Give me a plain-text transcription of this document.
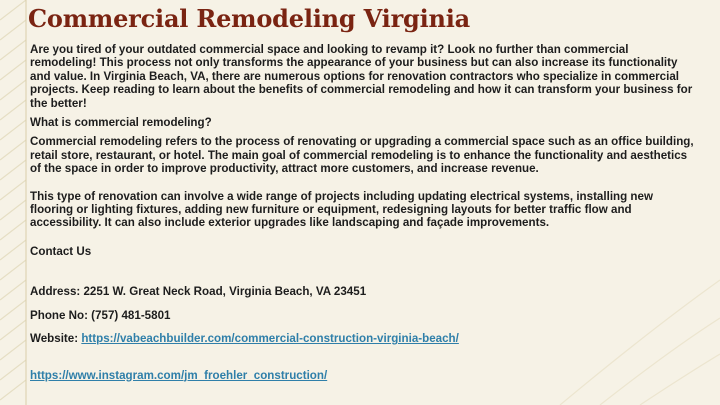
Commercial Remodeling Virginia

Are you tired of your outdated commercial space and looking to revamp it? Look no further than commercial remodeling! This process not only transforms the appearance of your business but can also increase its functionality and value. In Virginia Beach, VA, there are numerous options for renovation contractors who specialize in commercial projects. Keep reading to learn about the benefits of commercial remodeling and how it can transform your business for the better!

What is commercial remodeling?

Commercial remodeling refers to the process of renovating or upgrading a commercial space such as an office building, retail store, restaurant, or hotel. The main goal of commercial remodeling is to enhance the functionality and aesthetics of the space in order to improve productivity, attract more customers, and increase revenue.

This type of renovation can involve a wide range of projects including updating electrical systems, installing new flooring or lighting fixtures, adding new furniture or equipment, redesigning layouts for better traffic flow and accessibility. It can also include exterior upgrades like landscaping and façade improvements.

Contact Us

Address: 2251 W. Great Neck Road, Virginia Beach, VA 23451

Phone No: (757) 481-5801

Website: https://vabeachbuilder.com/commercial-construction-virginia-beach/

https://www.instagram.com/jm_froehler_construction/
